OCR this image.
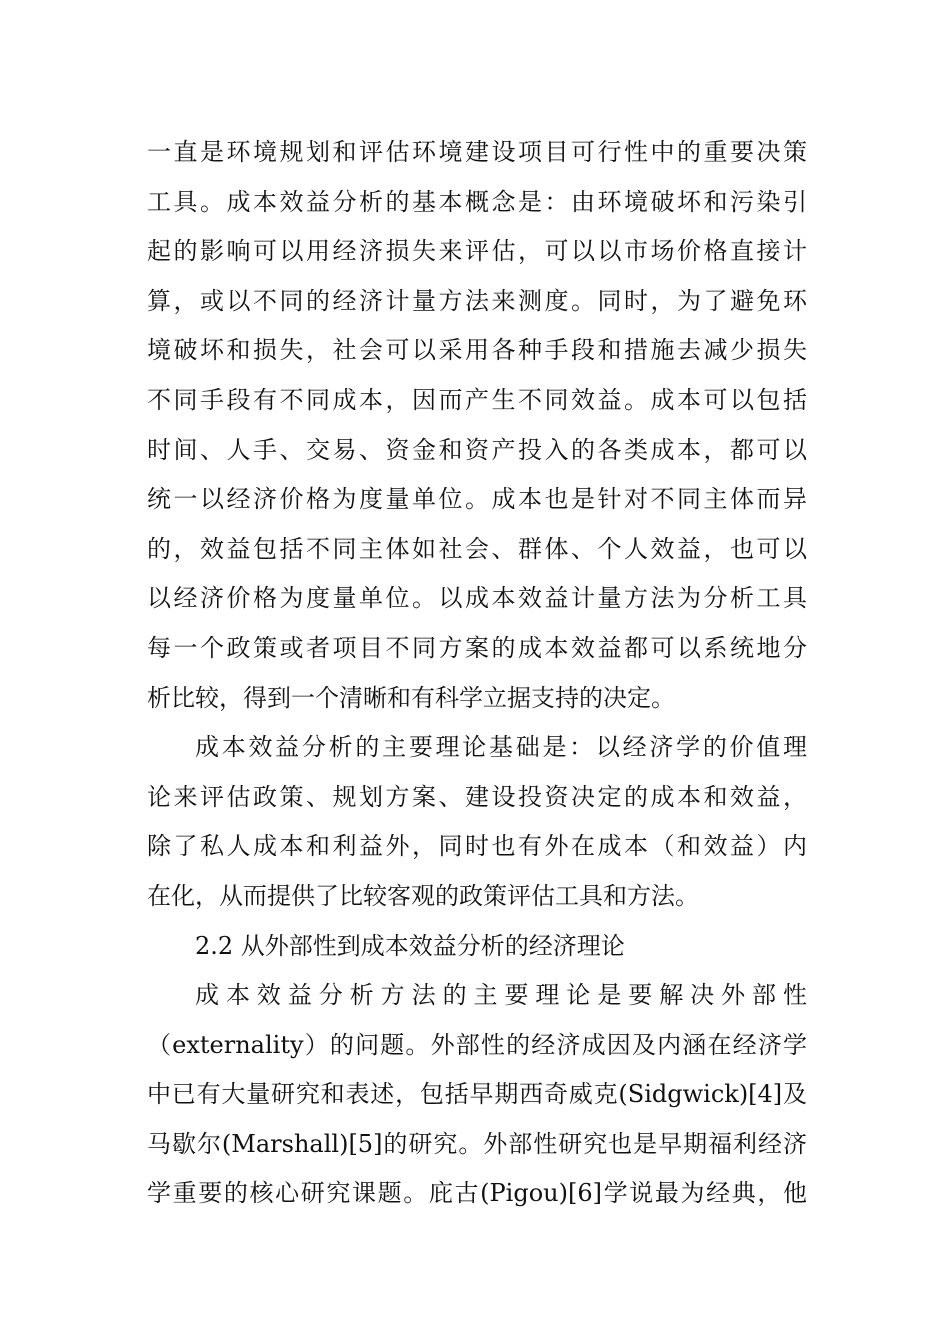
一直是环境规划和评估环境建设项目可行性中的重要决策
工具。成本效益分析的基本概念是：由环境破坏和污染引
起的影响可以用经济损失来评估，可以以市场价格直接计
算，或以不同的经济计量方法来测度。同时，为了避免环
境破坏和损失，社会可以采用各种手段和措施去减少损失
不同手段有不同成本，因而产生不同效益。成本可以包括
时间、人手、交易、资金和资产投入的各类成本，都可以
统一以经济价格为度量单位。成本也是针对不同主体而异
的，效益包括不同主体如社会、群体、个人效益，也可以
以经济价格为度量单位。以成本效益计量方法为分析工具
每一个政策或者项目不同方案的成本效益都可以系统地分
析比较，得到一个清晰和有科学立据支持的决定。
成本效益分析的主要理论基础是：以经济学的价值理
论来评估政策、规划方案、建设投资决定的成本和效益，
除了私人成本和利益外，同时也有外在成本（和效益）内
在化，从而提供了比较客观的政策评估工具和方法。
2.2 从外部性到成本效益分析的经济理论
成本效益分析方法的主要理论是要解决外部性
（externality）的问题。外部性的经济成因及内涵在经济学
中已有大量研究和表述，包括早期西奇威克(Sidgwick)[4]及
马歇尔(Marshall)[5]的研究。外部性研究也是早期福利经济
学重要的核心研究课题。庇古(Pigou)[6]学说最为经典，他
